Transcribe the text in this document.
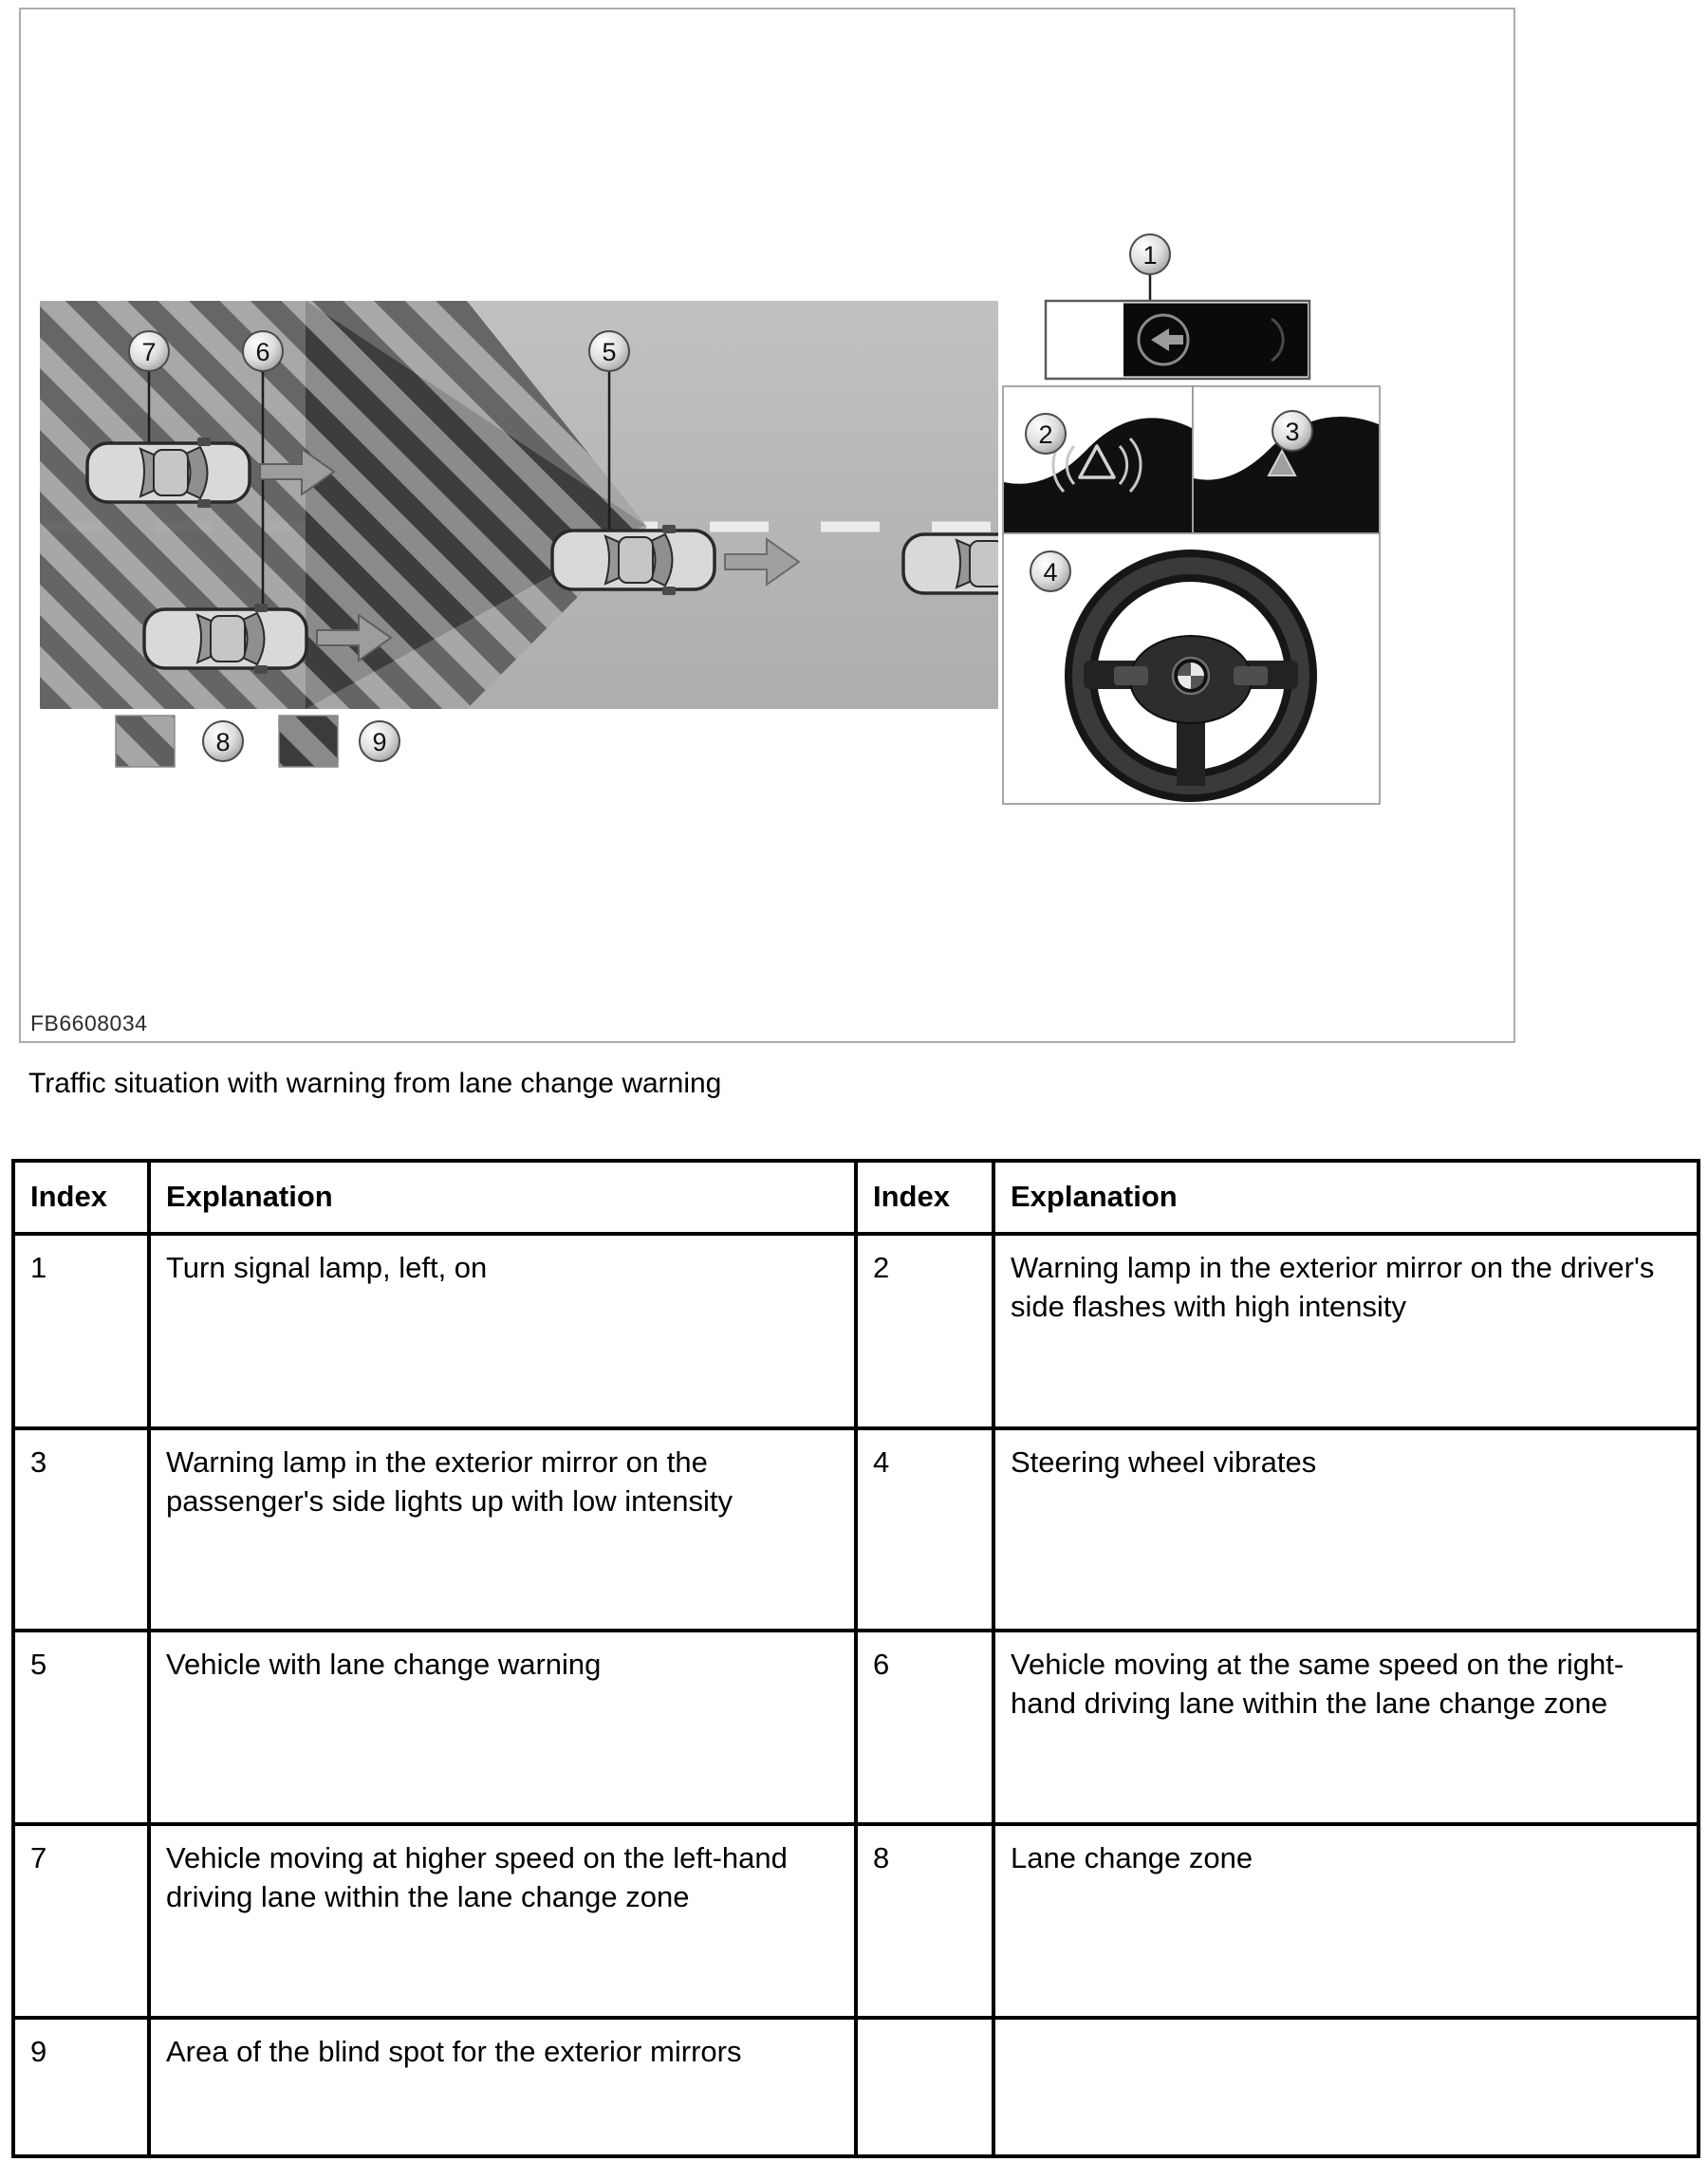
7	6	5
1
2	3
4
8	9
FB6608034
Traffic situation with warning from lane change warning
Index	Explanation	Index	Explanation
1	Turn signal lamp, left, on	2	Warning lamp in the exterior mirror on the driver's side flashes with high intensity
3	Warning lamp in the exterior mirror on the passenger's side lights up with low intensity	4	Steering wheel vibrates
5	Vehicle with lane change warning	6	Vehicle moving at the same speed on the right-hand driving lane within the lane change zone
7	Vehicle moving at higher speed on the left-hand driving lane within the lane change zone	8	Lane change zone
9	Area of the blind spot for the exterior mirrors		
